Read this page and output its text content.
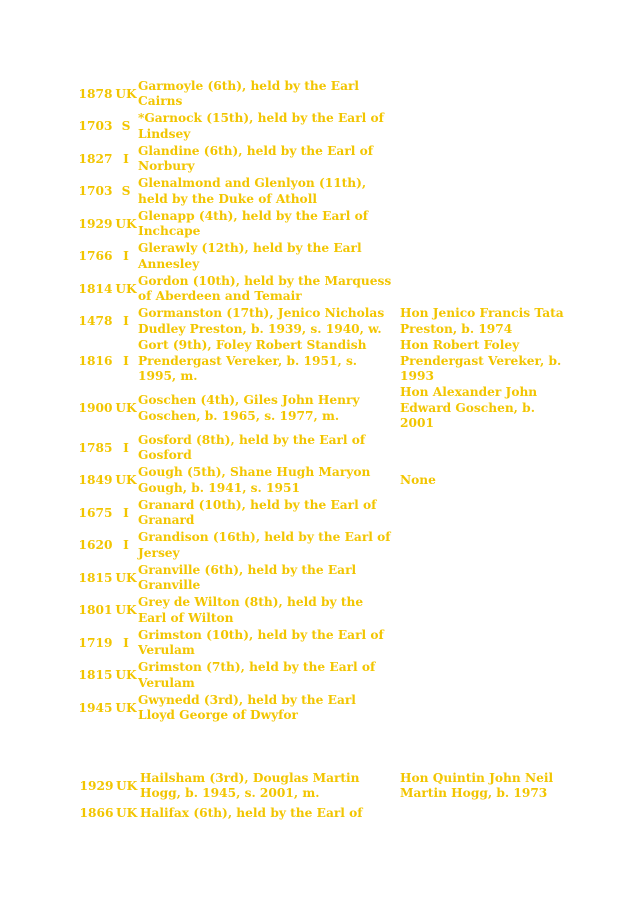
1878	UK	Garmoyle (6th), held by the Earl Cairns		
1703	S	*Garnock (15th), held by the Earl of Lindsey		
1827	I	Glandine (6th), held by the Earl of Norbury		
1703	S	Glenalmond and Glenlyon (11th), held by the Duke of Atholl		
1929	UK	Glenapp (4th), held by the Earl of Inchcape		
1766	I	Glerawly (12th), held by the Earl Annesley		
1814	UK	Gordon (10th), held by the Marquess of Aberdeen and Temair		
1478	I	Gormanston (17th), Jenico Nicholas Dudley Preston, b. 1939, s. 1940, w.		Hon Jenico Francis Tata Preston, b. 1974
1816	I	Gort (9th), Foley Robert Standish Prendergast Vereker, b. 1951, s. 1995, m.		Hon Robert Foley Prendergast Vereker, b. 1993
1900	UK	Goschen (4th), Giles John Henry Goschen, b. 1965, s. 1977, m.		Hon Alexander John Edward Goschen, b. 2001
1785	I	Gosford (8th), held by the Earl of Gosford		
1849	UK	Gough (5th), Shane Hugh Maryon Gough, b. 1941, s. 1951		None
1675	I	Granard (10th), held by the Earl of Granard		
1620	I	Grandison (16th), held by the Earl of Jersey		
1815	UK	Granville (6th), held by the Earl Granville		
1801	UK	Grey de Wilton (8th), held by the Earl of Wilton		
1719	I	Grimston (10th), held by the Earl of Verulam		
1815	UK	Grimston (7th), held by the Earl of Verulam		
1945	UK	Gwynedd (3rd), held by the Earl Lloyd George of Dwyfor		
1929	UK	Hailsham (3rd), Douglas Martin Hogg, b. 1945, s. 2001, m.		Hon Quintin John Neil Martin Hogg, b. 1973
1866	UK	Halifax (6th), held by the Earl of		
